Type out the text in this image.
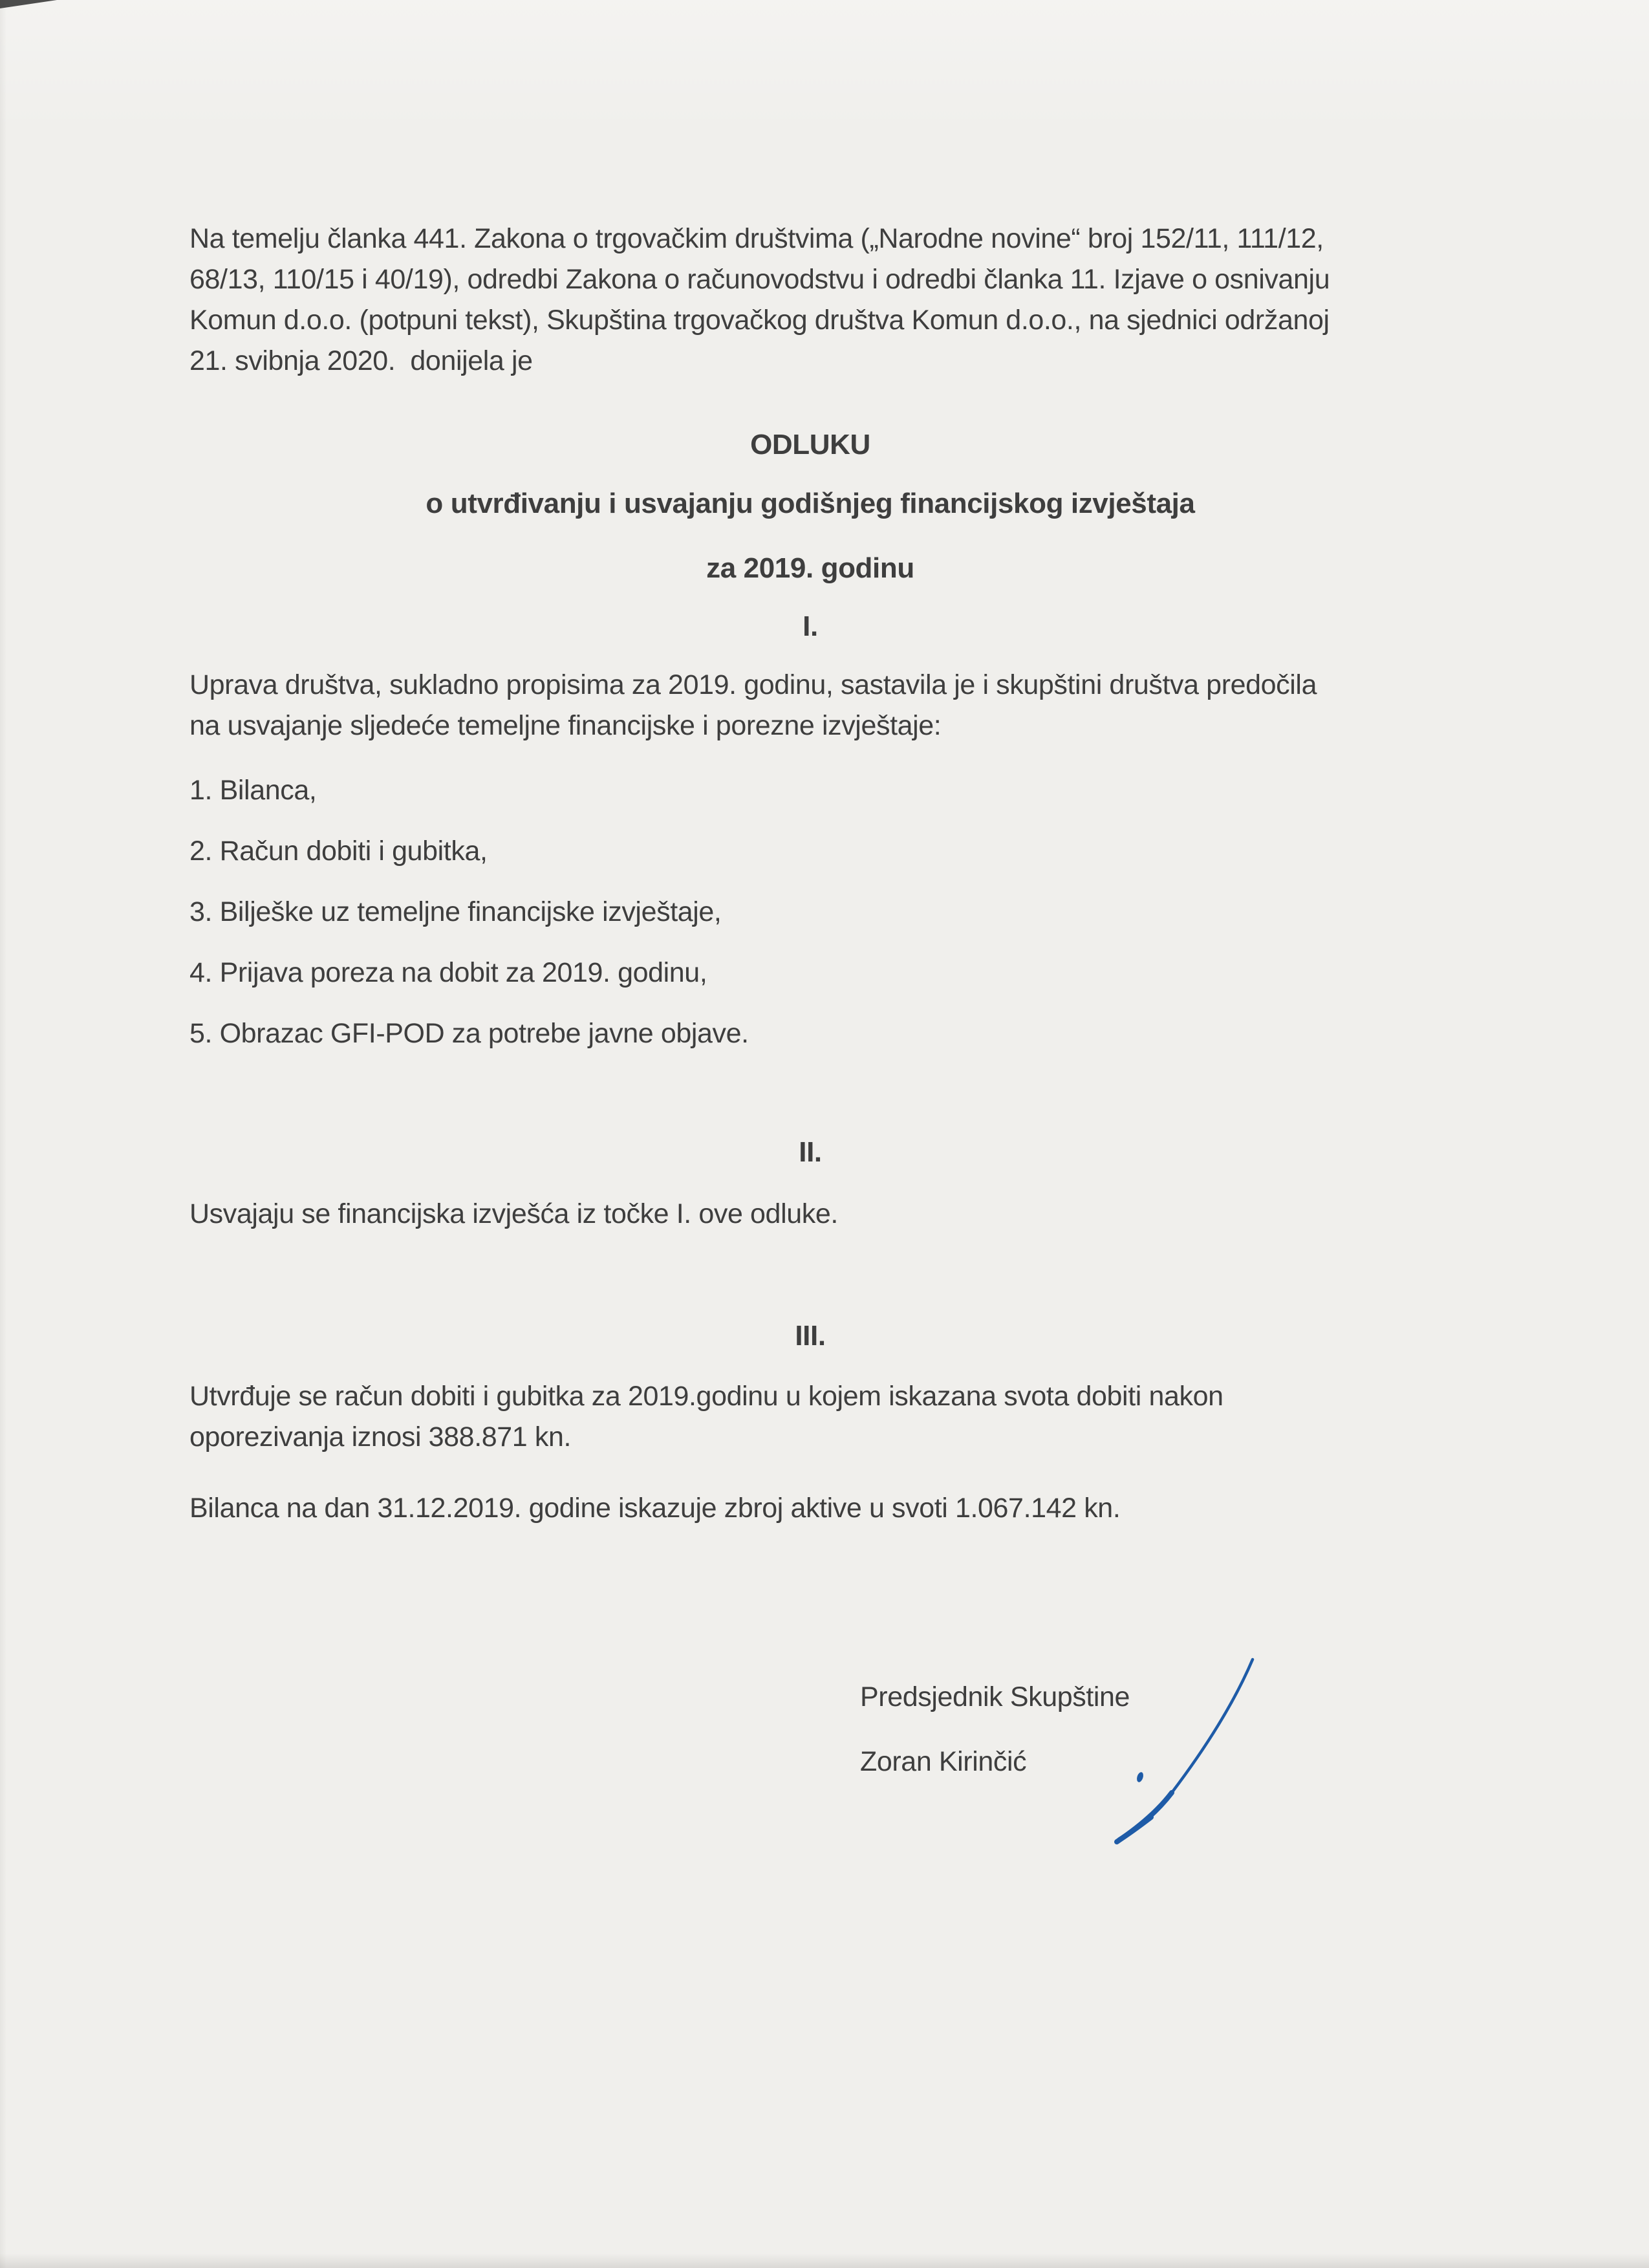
Na temelju članka 441. Zakona o trgovačkim društvima („Narodne novine“ broj 152/11, 111/12,
68/13, 110/15 i 40/19), odredbi Zakona o računovodstvu i odredbi članka 11. Izjave o osnivanju
Komun d.o.o. (potpuni tekst), Skupština trgovačkog društva Komun d.o.o., na sjednici održanoj
21. svibnja 2020.  donijela je
ODLUKU
o utvrđivanju i usvajanju godišnjeg financijskog izvještaja
za 2019. godinu
I.
Uprava društva, sukladno propisima za 2019. godinu, sastavila je i skupštini društva predočila
na usvajanje sljedeće temeljne financijske i porezne izvještaje:
1. Bilanca,
2. Račun dobiti i gubitka,
3. Bilješke uz temeljne financijske izvještaje,
4. Prijava poreza na dobit za 2019. godinu,
5. Obrazac GFI-POD za potrebe javne objave.
II.
Usvajaju se financijska izvješća iz točke I. ove odluke.
III.
Utvrđuje se račun dobiti i gubitka za 2019.godinu u kojem iskazana svota dobiti nakon
oporezivanja iznosi 388.871 kn.
Bilanca na dan 31.12.2019. godine iskazuje zbroj aktive u svoti 1.067.142 kn.
Predsjednik Skupštine
Zoran Kirinčić
